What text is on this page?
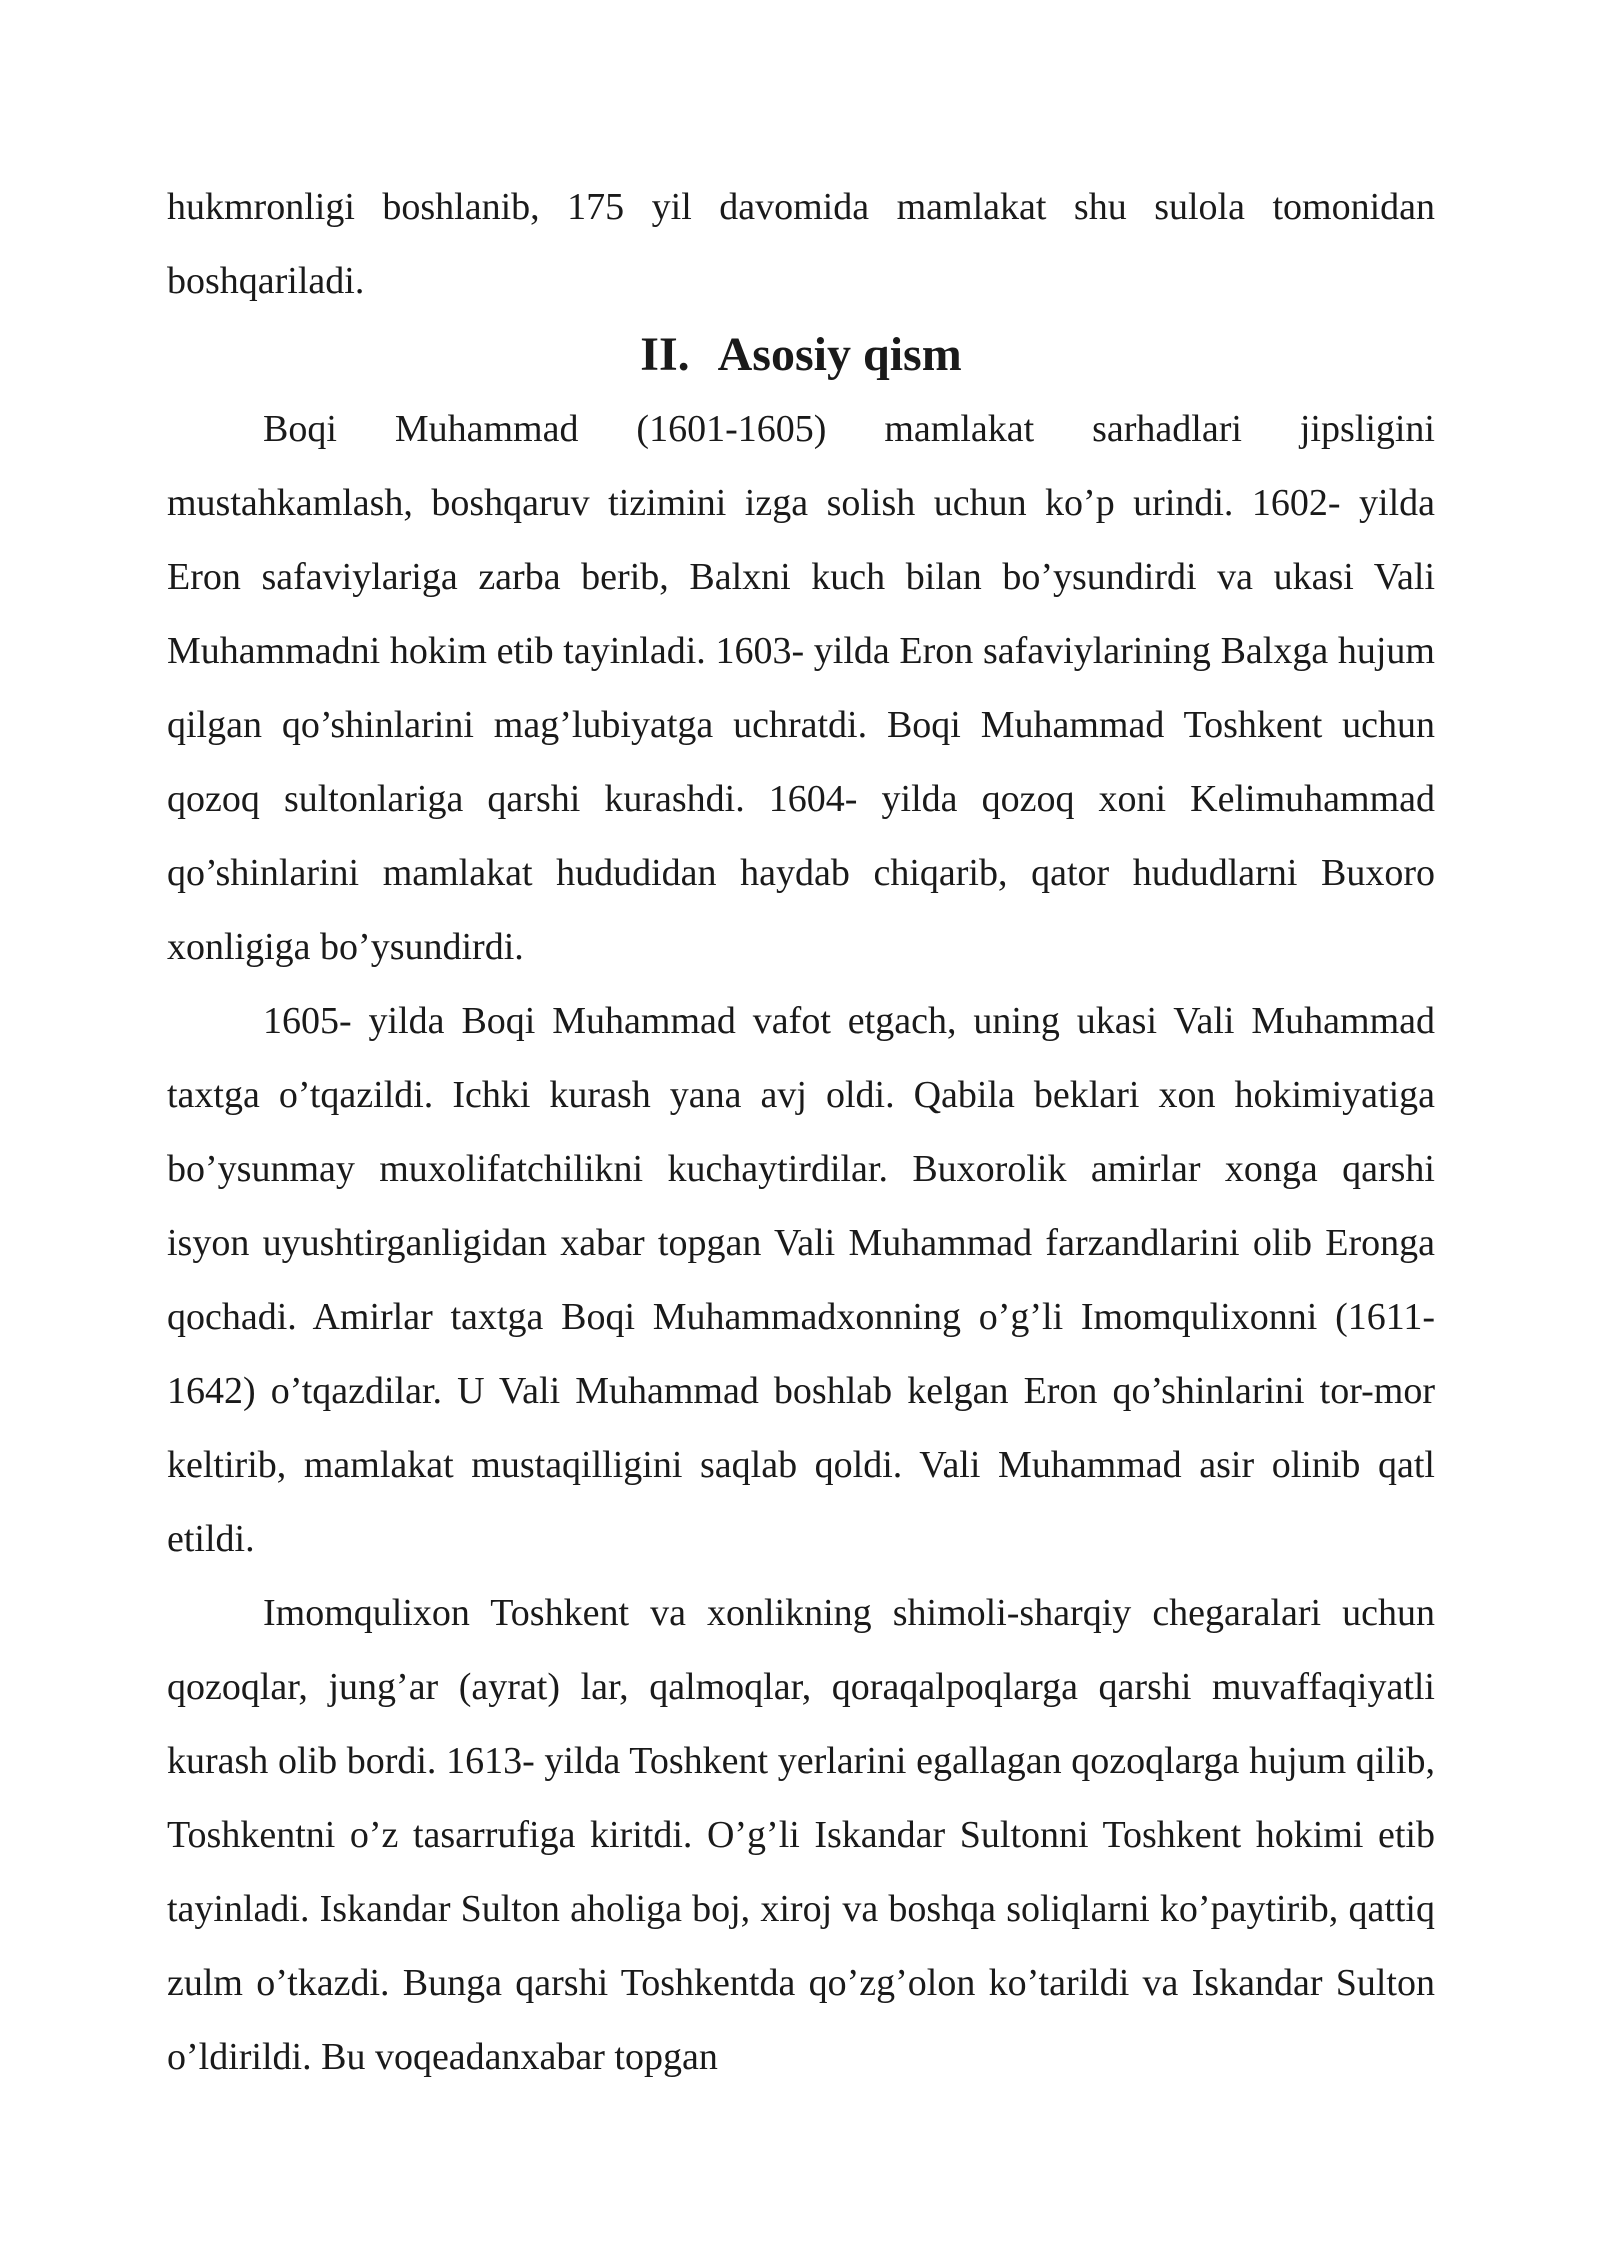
hukmronligi boshlanib, 175 yil davomida mamlakat shu sulola tomonidan boshqariladi.

II. Asosiy qism

Boqi Muhammad (1601-1605) mamlakat sarhadlari jipsligini mustahkamlash, boshqaruv tizimini izga solish uchun ko’p urindi. 1602- yilda Eron safaviylariga zarba berib, Balxni kuch bilan bo’ysundirdi va ukasi Vali Muhammadni hokim etib tayinladi. 1603- yilda Eron safaviylarining Balxga hujum qilgan qo’shinlarini mag’lubiyatga uchratdi. Boqi Muhammad Toshkent uchun qozoq sultonlariga qarshi kurashdi. 1604- yilda qozoq xoni Kelimuhammad qo’shinlarini mamlakat hududidan haydab chiqarib, qator hududlarni Buxoro xonligiga bo’ysundirdi.

1605- yilda Boqi Muhammad vafot etgach, uning ukasi Vali Muhammad taxtga o’tqazildi. Ichki kurash yana avj oldi. Qabila beklari xon hokimiyatiga bo’ysunmay muxolifatchilikni kuchaytirdilar. Buxorolik amirlar xonga qarshi isyon uyushtirganligidan xabar topgan Vali Muhammad farzandlarini olib Eronga qochadi. Amirlar taxtga Boqi Muhammadxonning o’g’li Imomqulixonni (1611-1642) o’tqazdilar. U Vali Muhammad boshlab kelgan Eron qo’shinlarini tor-mor keltirib, mamlakat mustaqilligini saqlab qoldi. Vali Muhammad asir olinib qatl etildi.

Imomqulixon Toshkent va xonlikning shimoli-sharqiy chegaralari uchun qozoqlar, jung’ar (ayrat) lar, qalmoqlar, qoraqalpoqlarga qarshi muvaffaqiyatli kurash olib bordi. 1613- yilda Toshkent yerlarini egallagan qozoqlarga hujum qilib, Toshkentni o’z tasarrufiga kiritdi. O’g’li Iskandar Sultonni Toshkent hokimi etib tayinladi. Iskandar Sulton aholiga boj, xiroj va boshqa soliqlarni ko’paytirib, qattiq zulm o’tkazdi. Bunga qarshi Toshkentda qo’zg’olon ko’tarildi va Iskandar Sulton o’ldirildi. Bu voqeadanxabar topgan
